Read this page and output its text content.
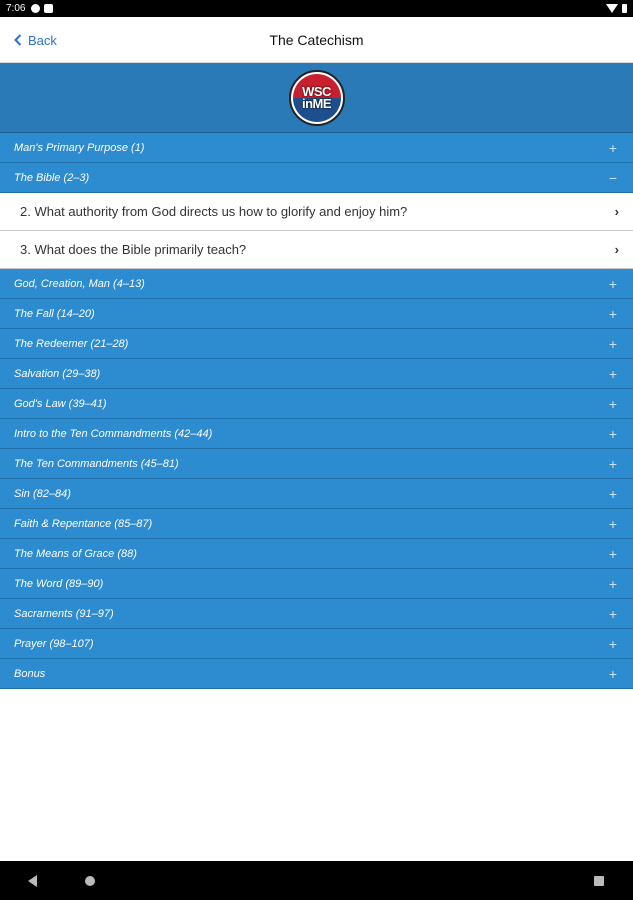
7:06
Back	The Catechism
WSC
inME
Man's Primary Purpose (1)	+
The Bible (2–3)	−
2. What authority from God directs us how to glorify and enjoy him?	›
3. What does the Bible primarily teach?	›
God, Creation, Man (4–13)	+
The Fall (14–20)	+
The Redeemer (21–28)	+
Salvation (29–38)	+
God's Law (39–41)	+
Intro to the Ten Commandments (42–44)	+
The Ten Commandments (45–81)	+
Sin (82–84)	+
Faith & Repentance (85–87)	+
The Means of Grace (88)	+
The Word (89–90)	+
Sacraments (91–97)	+
Prayer (98–107)	+
Bonus	+
